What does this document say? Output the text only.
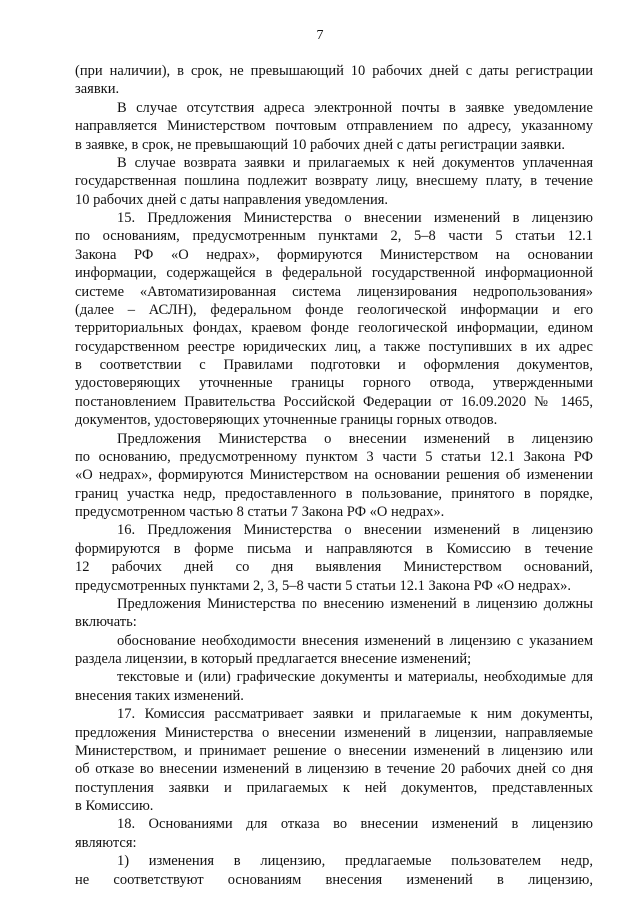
7
(при наличии), в срок, не превышающий 10 рабочих дней с даты регистрации
заявки.
В случае отсутствия адреса электронной почты в заявке уведомление
направляется Министерством почтовым отправлением по адресу, указанному
в заявке, в срок, не превышающий 10 рабочих дней с даты регистрации заявки.
В случае возврата заявки и прилагаемых к ней документов уплаченная
государственная пошлина подлежит возврату лицу, внесшему плату, в течение
10 рабочих дней с даты направления уведомления.
15. Предложения Министерства о внесении изменений в лицензию
по основаниям, предусмотренным пунктами 2, 5–8 части 5 статьи 12.1
Закона РФ «О недрах», формируются Министерством на основании
информации, содержащейся в федеральной государственной информационной
системе «Автоматизированная система лицензирования недропользования»
(далее – АСЛН), федеральном фонде геологической информации и его
территориальных фондах, краевом фонде геологической информации, едином
государственном реестре юридических лиц, а также поступивших в их адрес
в соответствии с Правилами подготовки и оформления документов,
удостоверяющих уточненные границы горного отвода, утвержденными
постановлением Правительства Российской Федерации от 16.09.2020 № 1465,
документов, удостоверяющих уточненные границы горных отводов.
Предложения Министерства о внесении изменений в лицензию
по основанию, предусмотренному пунктом 3 части 5 статьи 12.1 Закона РФ
«О недрах», формируются Министерством на основании решения об изменении
границ участка недр, предоставленного в пользование, принятого в порядке,
предусмотренном частью 8 статьи 7 Закона РФ «О недрах».
16. Предложения Министерства о внесении изменений в лицензию
формируются в форме письма и направляются в Комиссию в течение
12 рабочих дней со дня выявления Министерством оснований,
предусмотренных пунктами 2, 3, 5–8 части 5 статьи 12.1 Закона РФ «О недрах».
Предложения Министерства по внесению изменений в лицензию должны
включать:
обоснование необходимости внесения изменений в лицензию с указанием
раздела лицензии, в который предлагается внесение изменений;
текстовые и (или) графические документы и материалы, необходимые для
внесения таких изменений.
17. Комиссия рассматривает заявки и прилагаемые к ним документы,
предложения Министерства о внесении изменений в лицензии, направляемые
Министерством, и принимает решение о внесении изменений в лицензию или
об отказе во внесении изменений в лицензию в течение 20 рабочих дней со дня
поступления заявки и прилагаемых к ней документов, представленных
в Комиссию.
18. Основаниями для отказа во внесении изменений в лицензию
являются:
1) изменения в лицензию, предлагаемые пользователем недр,
не соответствуют основаниям внесения изменений в лицензию,
